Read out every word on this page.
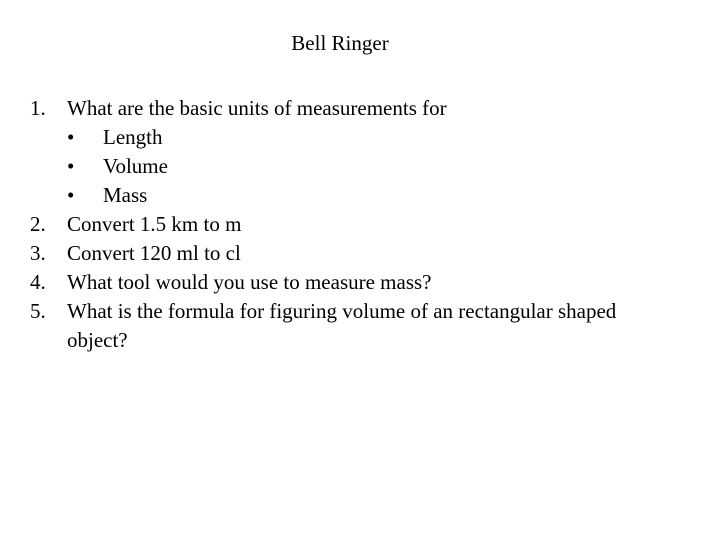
Bell Ringer
1. What are the basic units of measurements for
• Length
• Volume
• Mass
2. Convert 1.5 km to m
3. Convert 120 ml to cl
4. What tool would you use to measure mass?
5. What is the formula for figuring volume of an rectangular shaped object?
